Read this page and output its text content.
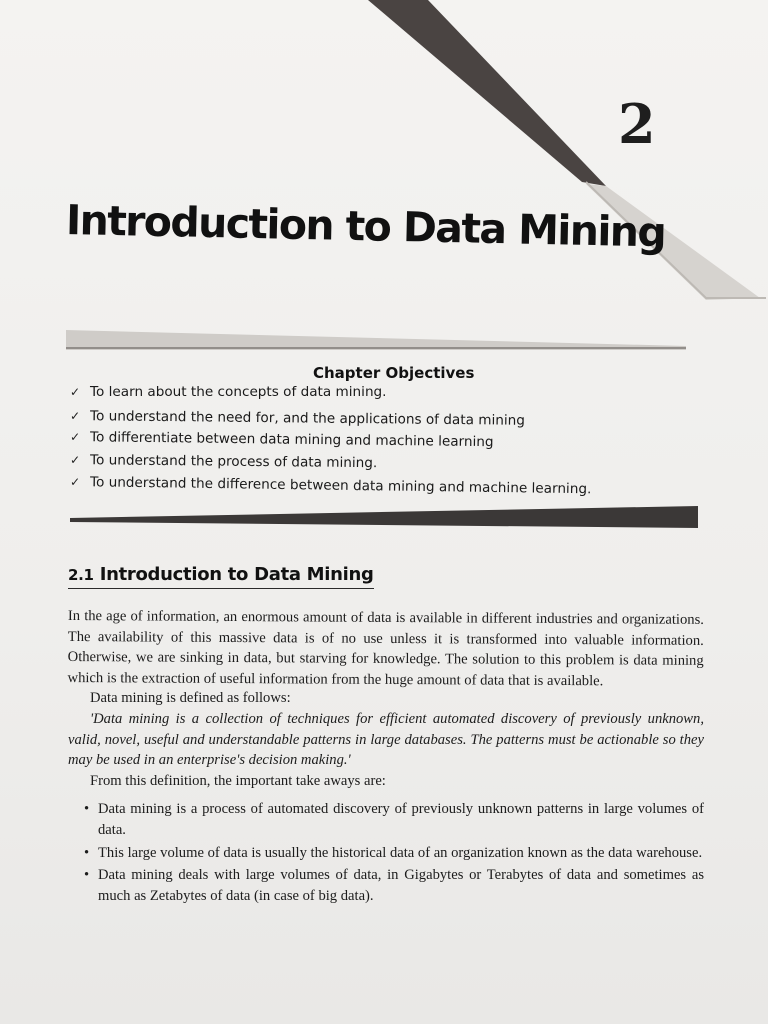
2
Introduction to Data Mining
Chapter Objectives
✓ To learn about the concepts of data mining.
✓ To understand the need for, and the applications of data mining
✓ To differentiate between data mining and machine learning
✓ To understand the process of data mining.
✓ To understand the difference between data mining and machine learning.
2.1 Introduction to Data Mining

In the age of information, an enormous amount of data is available in different industries and organizations. The availability of this massive data is of no use unless it is transformed into valuable information. Otherwise, we are sinking in data, but starving for knowledge. The solution to this problem is data mining which is the extraction of useful information from the huge amount of data that is available.

Data mining is defined as follows:

'Data mining is a collection of techniques for efficient automated discovery of previously unknown, valid, novel, useful and understandable patterns in large databases. The patterns must be actionable so they may be used in an enterprise's decision making.'

From this definition, the important take aways are:

• Data mining is a process of automated discovery of previously unknown patterns in large volumes of data.
• This large volume of data is usually the historical data of an organization known as the data warehouse.
• Data mining deals with large volumes of data, in Gigabytes or Terabytes of data and sometimes as much as Zetabytes of data (in case of big data).
